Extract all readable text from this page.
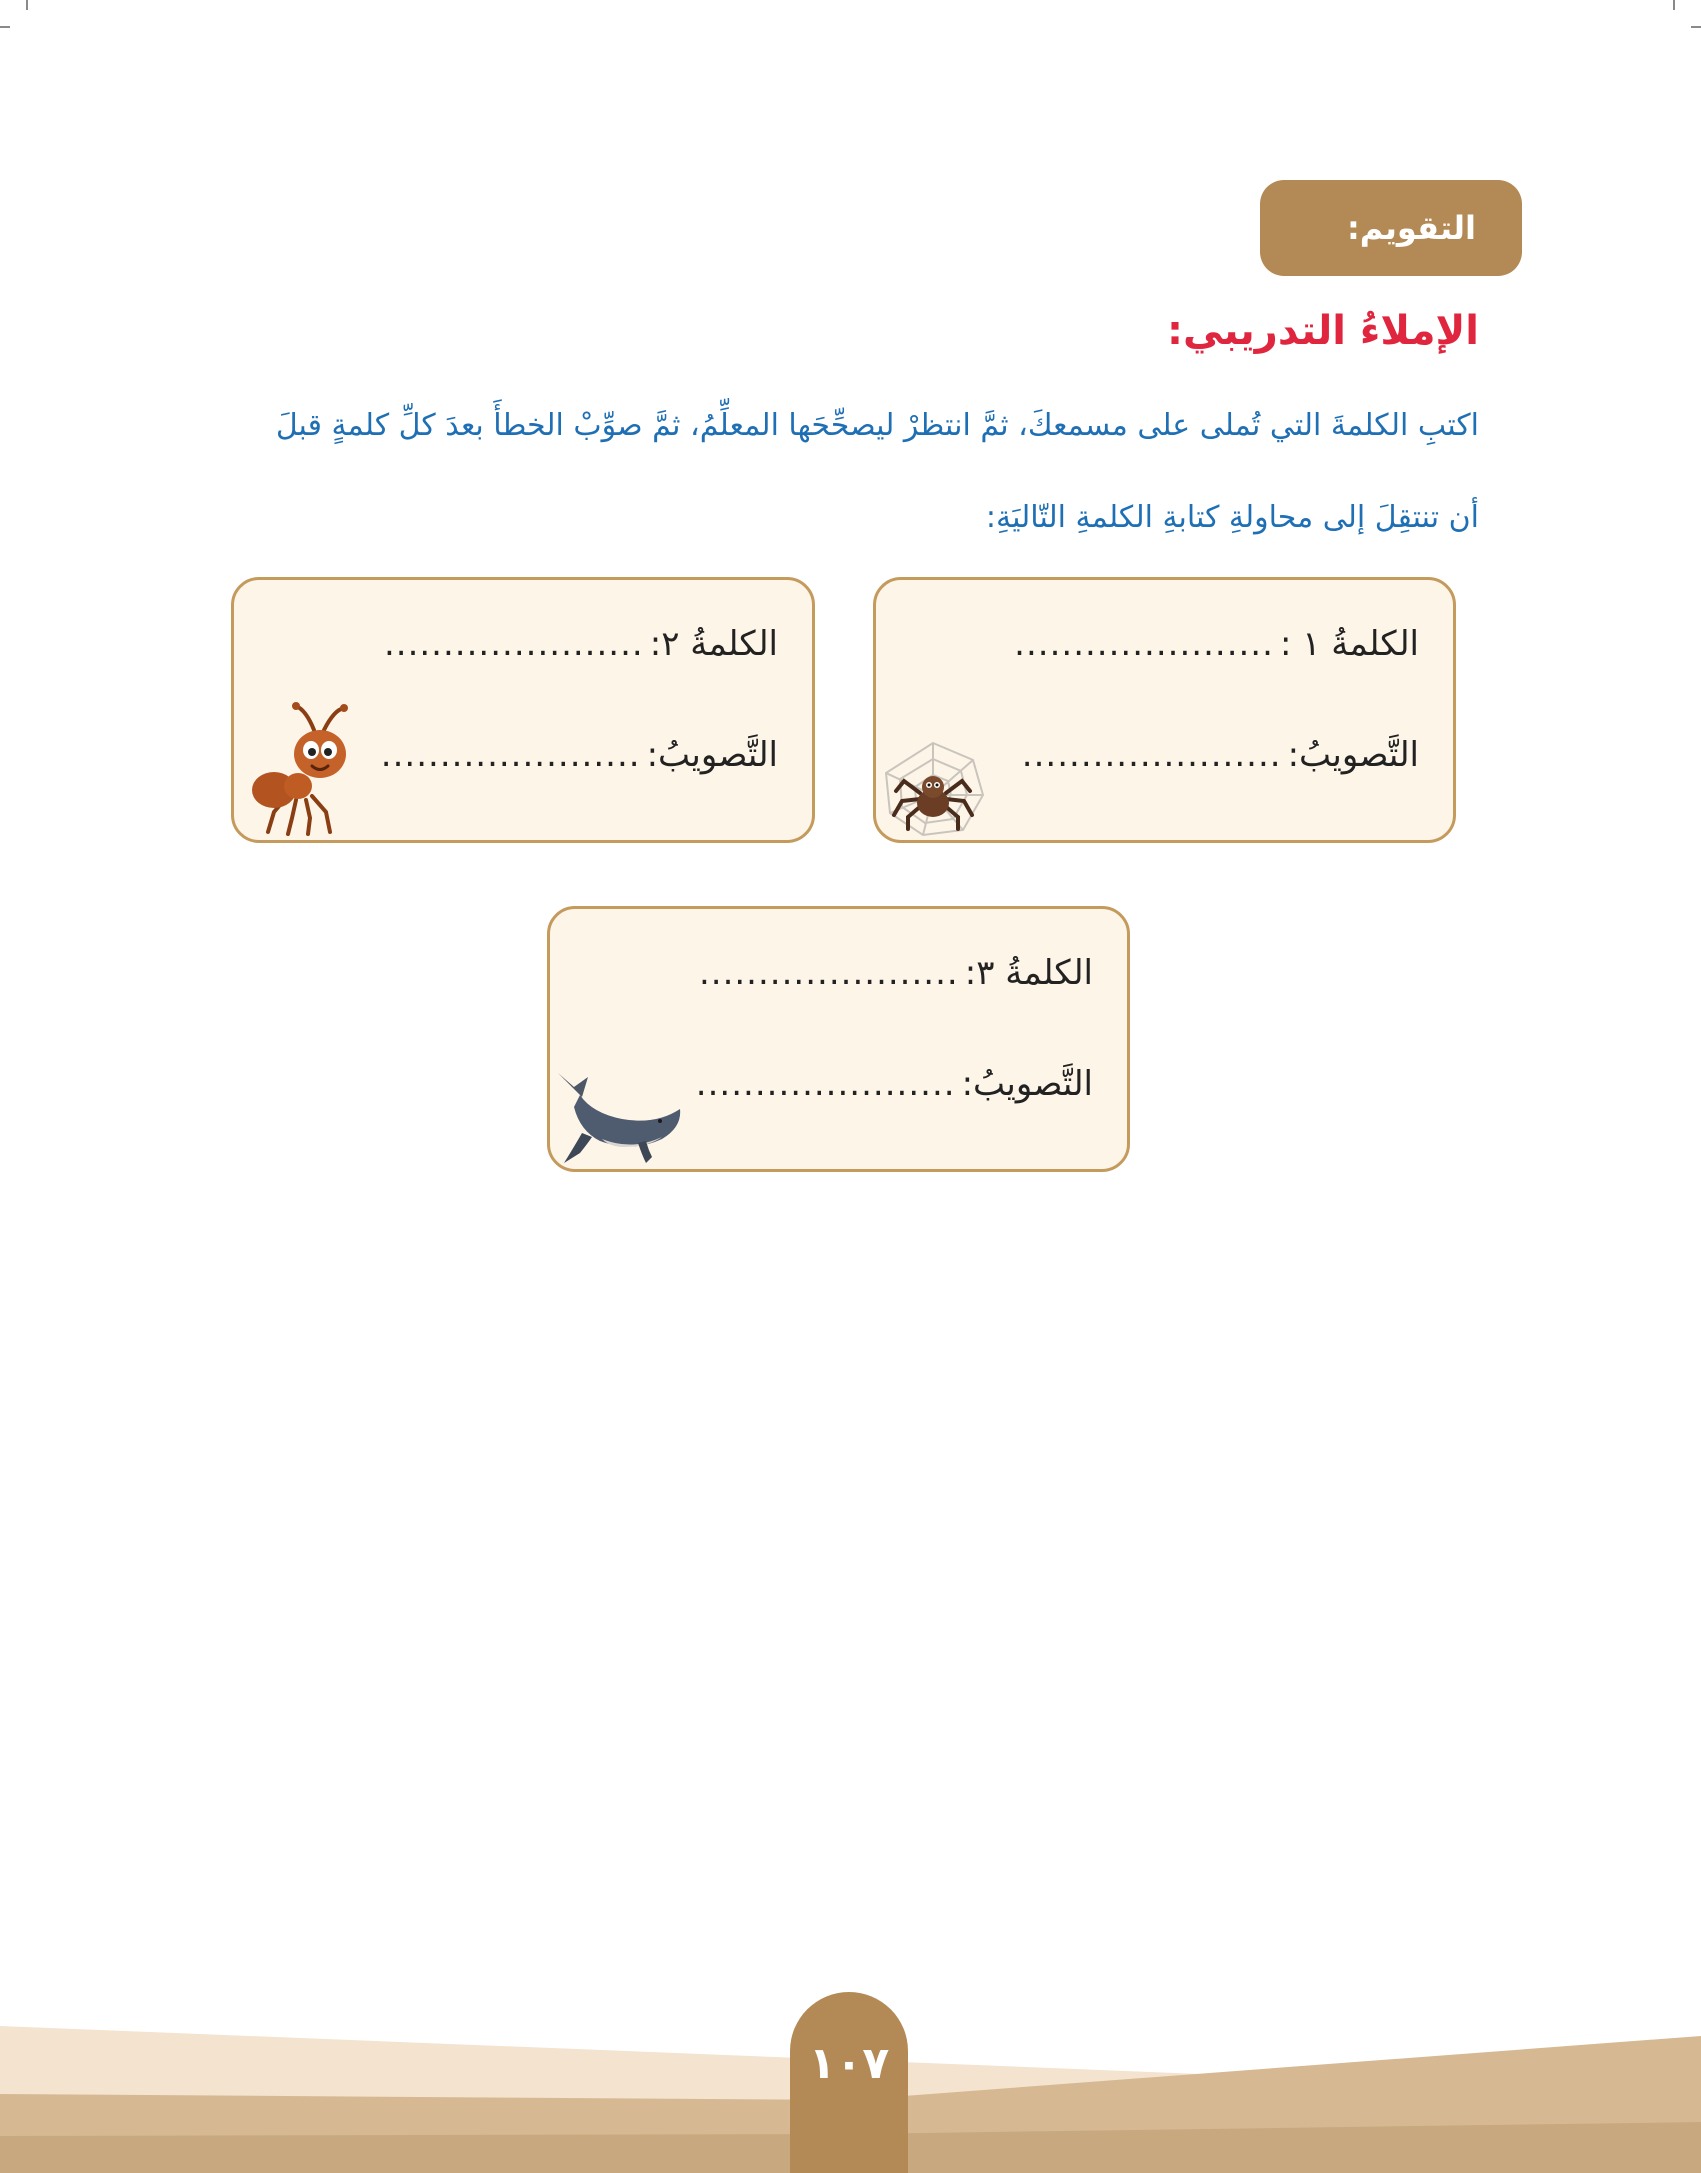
التقويم:
الإملاءُ التدريبي:
اكتبِ الكلمةَ التي تُملى على مسمعكَ، ثمَّ انتظرْ ليصحِّحَها المعلِّمُ، ثمَّ صوِّبْ الخطأَ بعدَ كلِّ كلمةٍ قبلَ
أن تنتقِلَ إلى محاولةِ كتابةِ الكلمةِ التّاليَةِ:
الكلمةُ ١ :
......................
التَّصويبُ:
......................
الكلمةُ ٢:
......................
التَّصويبُ:
......................
الكلمةُ ٣:
......................
التَّصويبُ:
......................
١٠٧
